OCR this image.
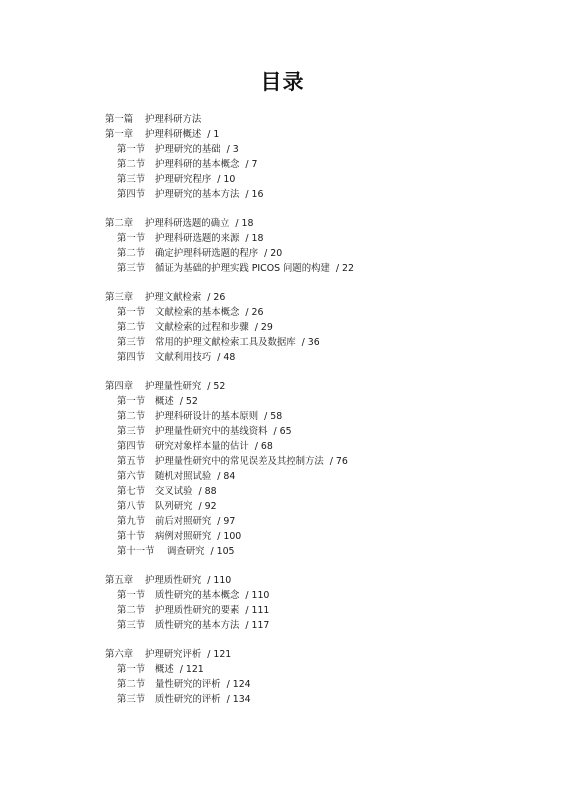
目录
第一篇 护理科研方法
第一章 护理科研概述 / 1
第一节 护理研究的基础 / 3
第二节 护理科研的基本概念 / 7
第三节 护理研究程序 / 10
第四节 护理研究的基本方法 / 16
第二章 护理科研选题的确立 / 18
第一节 护理科研选题的来源 / 18
第二节 确定护理科研选题的程序 / 20
第三节 循证为基础的护理实践 PICOS 问题的构建 / 22
第三章 护理文献检索 / 26
第一节 文献检索的基本概念 / 26
第二节 文献检索的过程和步骤 / 29
第三节 常用的护理文献检索工具及数据库 / 36
第四节 文献利用技巧 / 48
第四章 护理量性研究 / 52
第一节 概述 / 52
第二节 护理科研设计的基本原则 / 58
第三节 护理量性研究中的基线资料 / 65
第四节 研究对象样本量的估计 / 68
第五节 护理量性研究中的常见误差及其控制方法 / 76
第六节 随机对照试验 / 84
第七节 交叉试验 / 88
第八节 队列研究 / 92
第九节 前后对照研究 / 97
第十节 病例对照研究 / 100
第十一节 调查研究 / 105
第五章 护理质性研究 / 110
第一节 质性研究的基本概念 / 110
第二节 护理质性研究的要素 / 111
第三节 质性研究的基本方法 / 117
第六章 护理研究评析 / 121
第一节 概述 / 121
第二节 量性研究的评析 / 124
第三节 质性研究的评析 / 134
